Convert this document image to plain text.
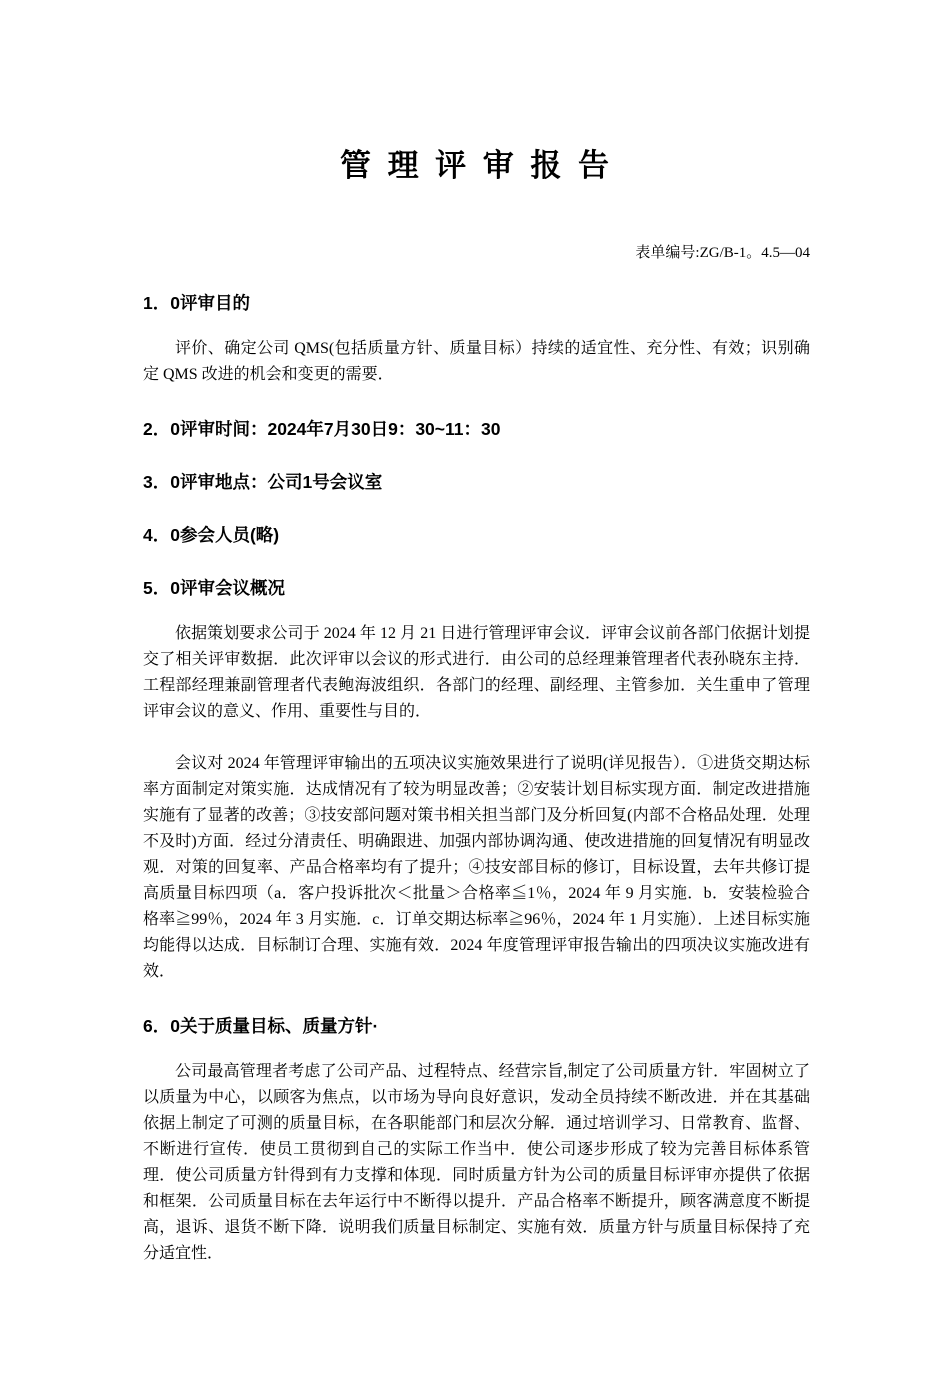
管 理 评 审 报 告
表单编号:ZG/B-1。4.5—04
1．0评审目的

评价、确定公司 QMS(包括质量方针、质量目标）持续的适宜性、充分性、有效；识别确定 QMS 改进的机会和变更的需要．

2．0评审时间：2024年7月30日9：30~11：30
3．0评审地点：公司1号会议室
4．0参会人员(略)
5．0评审会议概况

依据策划要求公司于 2024 年 12 月 21 日进行管理评审会议．评审会议前各部门依据计划提交了相关评审数据．此次评审以会议的形式进行．由公司的总经理兼管理者代表孙晓东主持．工程部经理兼副管理者代表鲍海波组织．各部门的经理、副经理、主管参加．关生重申了管理评审会议的意义、作用、重要性与目的．

会议对 2024 年管理评审输出的五项决议实施效果进行了说明(详见报告）．①进货交期达标率方面制定对策实施．达成情况有了较为明显改善；②安装计划目标实现方面．制定改进措施实施有了显著的改善；③技安部问题对策书相关担当部门及分析回复(内部不合格品处理．处理不及时)方面．经过分清责任、明确跟进、加强内部协调沟通、使改进措施的回复情况有明显改观．对策的回复率、产品合格率均有了提升；④技安部目标的修订，目标设置，去年共修订提高质量目标四项（a．客户投诉批次＜批量＞合格率≦1％，2024 年 9 月实施．b．安装检验合格率≧99％，2024 年 3 月实施．c．订单交期达标率≧96％，2024 年 1 月实施）．上述目标实施均能得以达成．目标制订合理、实施有效．2024 年度管理评审报告输出的四项决议实施改进有效．

6．0关于质量目标、质量方针·

公司最高管理者考虑了公司产品、过程特点、经营宗旨,制定了公司质量方针．牢固树立了以质量为中心，以顾客为焦点，以市场为导向良好意识，发动全员持续不断改进．并在其基础依据上制定了可测的质量目标，在各职能部门和层次分解．通过培训学习、日常教育、监督、不断进行宣传．使员工贯彻到自己的实际工作当中．使公司逐步形成了较为完善目标体系管理．使公司质量方针得到有力支撑和体现．同时质量方针为公司的质量目标评审亦提供了依据和框架．公司质量目标在去年运行中不断得以提升．产品合格率不断提升，顾客满意度不断提高，退诉、退货不断下降．说明我们质量目标制定、实施有效．质量方针与质量目标保持了充分适宜性．
